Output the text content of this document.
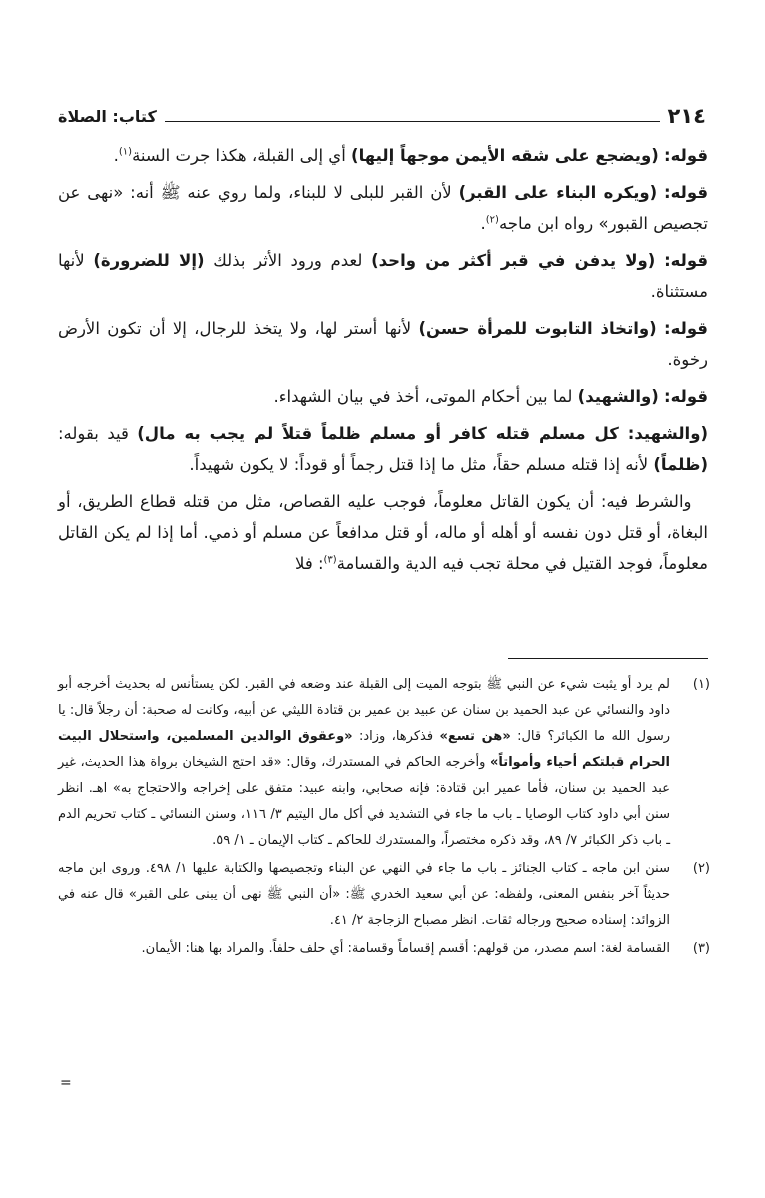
٢١٤
كتاب: الصلاة

قوله: (ويضجع على شقه الأيمن موجهاً إليها) أي إلى القبلة، هكذا جرت السنة$^{(١)}$.

قوله: (ويكره البناء على القبر) لأن القبر للبلى لا للبناء، ولما روي عنه ﷺ أنه: «نهى عن تجصيص القبور» رواه ابن ماجه$^{(٢)}$.

قوله: (ولا يدفن في قبر أكثر من واحد) لعدم ورود الأثر بذلك (إلا للضرورة) لأنها مستثناة.

قوله: (واتخاذ التابوت للمرأة حسن) لأنها أستر لها، ولا يتخذ للرجال، إلا أن تكون الأرض رخوة.

قوله: (والشهيد) لما بين أحكام الموتى، أخذ في بيان الشهداء.

(والشهيد: كل مسلم قتله كافر أو مسلم ظلماً قتلاً لم يجب به مال) قيد بقوله: (ظلماً) لأنه إذا قتله مسلم حقاً، مثل ما إذا قتل رجماً أو قوداً: لا يكون شهيداً.

 والشرط فيه: أن يكون القاتل معلوماً، فوجب عليه القصاص، مثل من قتله قطاع الطريق، أو البغاة، أو قتل دون نفسه أو أهله أو ماله، أو قتل مدافعاً عن مسلم أو ذمي. أما إذا لم يكن القاتل معلوماً، فوجد القتيل في محلة تجب فيه الدية والقسامة$^{(٣)}$: فلا

(١)
لم يرد أو يثبت شيء عن النبي ﷺ بتوجه الميت إلى القبلة عند وضعه في القبر. لكن يستأنس له بحديث أخرجه أبو داود والنسائي عن عبد الحميد بن سنان عن عبيد بن عمير بن قتادة الليثي عن أبيه، وكانت له صحبة: أن رجلاً قال: يا رسول الله ما الكبائر؟ قال: «هن تسع» فذكرها، وزاد: «وعقوق الوالدين المسلمين، واستحلال البيت الحرام قبلتكم أحياء وأمواتاً» وأخرجه الحاكم في المستدرك، وقال: «قد احتج الشيخان برواة هذا الحديث، غير عبد الحميد بن سنان، فأما عمير ابن قتادة: فإنه صحابي، وابنه عبيد: متفق على إخراجه والاحتجاج به» اهـ. انظر سنن أبي داود كتاب الوصايا ـ باب ما جاء في التشديد في أكل مال اليتيم ٣/ ١١٦، وسنن النسائي ـ كتاب تحريم الدم ـ باب ذكر الكبائر ٧/ ٨٩، وقد ذكره مختصراً، والمستدرك للحاكم ـ كتاب الإيمان ـ ١/ ٥٩.
(٢)
سنن ابن ماجه ـ كتاب الجنائز ـ باب ما جاء في النهي عن البناء وتجصيصها والكتابة عليها ١/ ٤٩٨. وروى ابن ماجه حديثاً آخر بنفس المعنى، ولفظه: عن أبي سعيد الخدري ﷺ: «أن النبي ﷺ نهى أن يبنى على القبر» قال عنه في الزوائد: إسناده صحيح ورجاله ثقات. انظر مصباح الزجاجة ٢/ ٤١.
(٣)
القسامة لغة: اسم مصدر، من قولهم: أقسم إقساماً وقسامة: أي حلف حلفاً. والمراد بها هنا: الأيمان.
=
